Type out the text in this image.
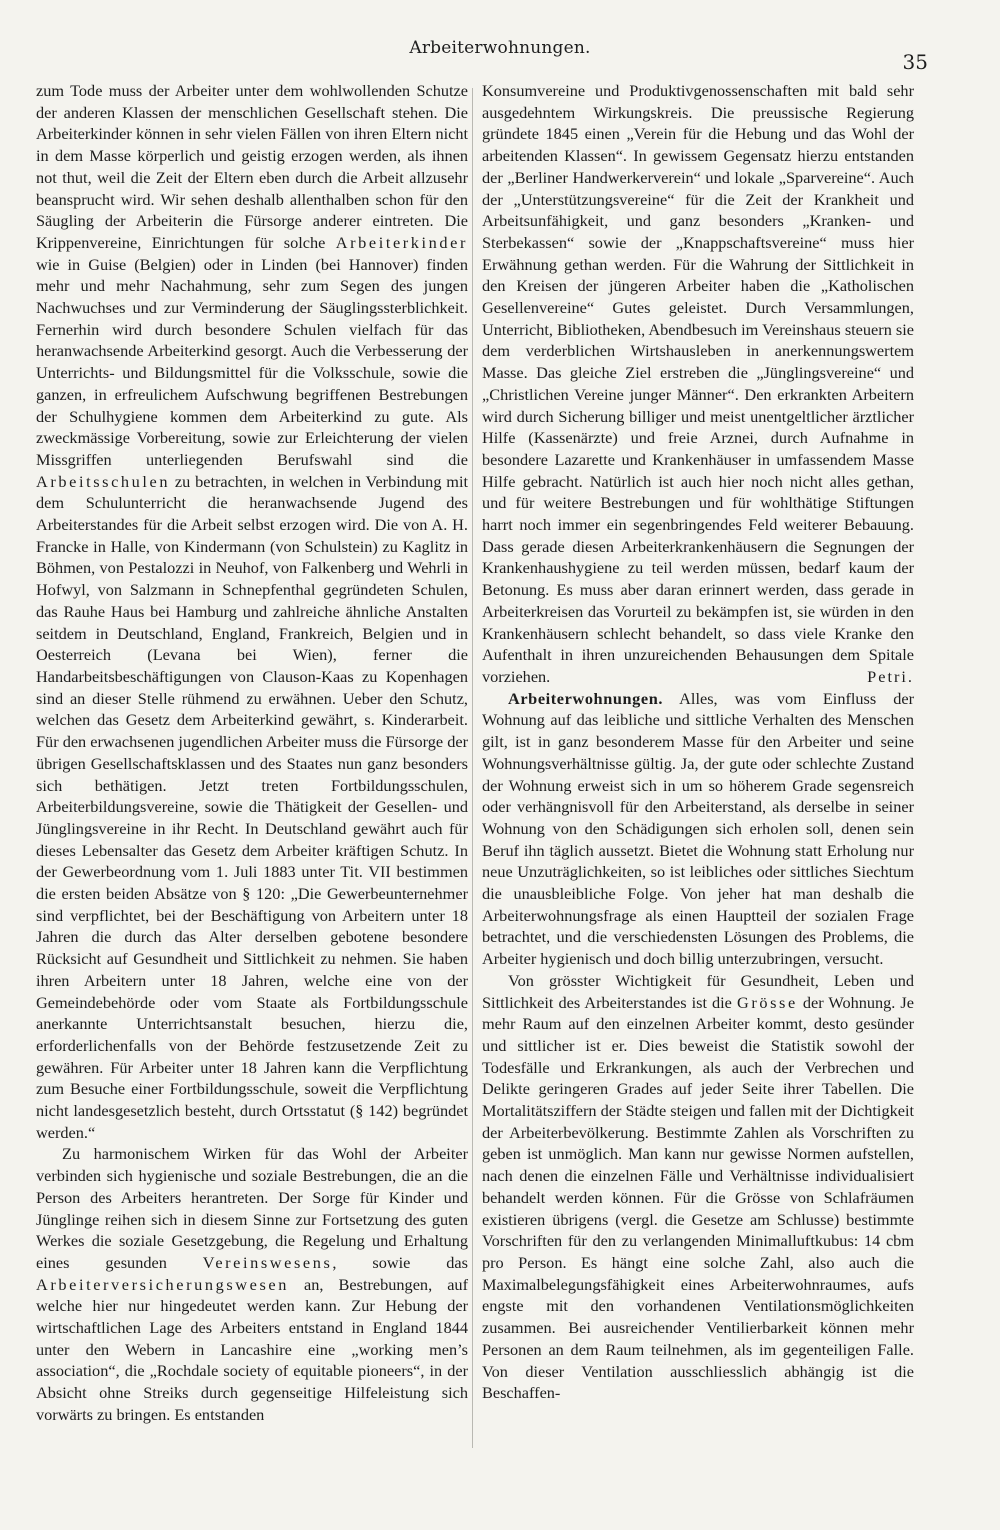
Arbeiterwohnungen.
35

zum Tode muss der Arbeiter unter dem wohlwollenden Schutze der anderen Klassen der menschlichen Gesellschaft stehen. Die Arbeiterkinder können in sehr vielen Fällen von ihren Eltern nicht in dem Masse körperlich und geistig erzogen werden, als ihnen not thut, weil die Zeit der Eltern eben durch die Arbeit allzusehr beansprucht wird. Wir sehen deshalb allenthalben schon für den Säugling der Arbeiterin die Fürsorge anderer eintreten. Die Krippenvereine, Einrichtungen für solche Arbeiterkinder wie in Guise (Belgien) oder in Linden (bei Hannover) finden mehr und mehr Nachahmung, sehr zum Segen des jungen Nachwuchses und zur Verminderung der Säuglingssterblichkeit. Fernerhin wird durch besondere Schulen vielfach für das heranwachsende Arbeiterkind gesorgt. Auch die Verbesserung der Unterrichts- und Bildungsmittel für die Volksschule, sowie die ganzen, in erfreulichem Aufschwung begriffenen Bestrebungen der Schulhygiene kommen dem Arbeiterkind zu gute. Als zweckmässige Vorbereitung, sowie zur Erleichterung der vielen Missgriffen unterliegenden Berufswahl sind die Arbeitsschulen zu betrachten, in welchen in Verbindung mit dem Schulunterricht die heranwachsende Jugend des Arbeiterstandes für die Arbeit selbst erzogen wird. Die von A. H. Francke in Halle, von Kindermann (von Schulstein) zu Kaglitz in Böhmen, von Pestalozzi in Neuhof, von Falkenberg und Wehrli in Hofwyl, von Salzmann in Schnepfenthal gegründeten Schulen, das Rauhe Haus bei Hamburg und zahlreiche ähnliche Anstalten seitdem in Deutschland, England, Frankreich, Belgien und in Oesterreich (Levana bei Wien), ferner die Handarbeitsbeschäftigungen von Clauson-Kaas zu Kopenhagen sind an dieser Stelle rühmend zu erwähnen. Ueber den Schutz, welchen das Gesetz dem Arbeiterkind gewährt, s. Kinderarbeit. Für den erwachsenen jugendlichen Arbeiter muss die Fürsorge der übrigen Gesellschaftsklassen und des Staates nun ganz besonders sich bethätigen. Jetzt treten Fortbildungsschulen, Arbeiterbildungsvereine, sowie die Thätigkeit der Gesellen- und Jünglingsvereine in ihr Recht. In Deutschland gewährt auch für dieses Lebensalter das Gesetz dem Arbeiter kräftigen Schutz. In der Gewerbeordnung vom 1. Juli 1883 unter Tit. VII bestimmen die ersten beiden Absätze von § 120: „Die Gewerbeunternehmer sind verpflichtet, bei der Beschäftigung von Arbeitern unter 18 Jahren die durch das Alter derselben gebotene besondere Rücksicht auf Gesundheit und Sittlichkeit zu nehmen. Sie haben ihren Arbeitern unter 18 Jahren, welche eine von der Gemeindebehörde oder vom Staate als Fortbildungsschule anerkannte Unterrichtsanstalt besuchen, hierzu die, erforderlichenfalls von der Behörde festzusetzende Zeit zu gewähren. Für Arbeiter unter 18 Jahren kann die Verpflichtung zum Besuche einer Fortbildungsschule, soweit die Verpflichtung nicht landesgesetzlich besteht, durch Ortsstatut (§ 142) begründet werden.“

Zu harmonischem Wirken für das Wohl der Arbeiter verbinden sich hygienische und soziale Bestrebungen, die an die Person des Arbeiters herantreten. Der Sorge für Kinder und Jünglinge reihen sich in diesem Sinne zur Fortsetzung des guten Werkes die soziale Gesetzgebung, die Regelung und Erhaltung eines gesunden Vereinswesens, sowie das Arbeiterversicherungswesen an, Bestrebungen, auf welche hier nur hingedeutet werden kann. Zur Hebung der wirtschaftlichen Lage des Arbeiters entstand in England 1844 unter den Webern in Lancashire eine „working men’s association“, die „Rochdale society of equitable pioneers“, in der Absicht ohne Streiks durch gegenseitige Hilfeleistung sich vorwärts zu bringen. Es entstanden

Konsumvereine und Produktivgenossenschaften mit bald sehr ausgedehntem Wirkungskreis. Die preussische Regierung gründete 1845 einen „Verein für die Hebung und das Wohl der arbeitenden Klassen“. In gewissem Gegensatz hierzu entstanden der „Berliner Handwerkerverein“ und lokale „Sparvereine“. Auch der „Unterstützungsvereine“ für die Zeit der Krankheit und Arbeitsunfähigkeit, und ganz besonders „Kranken- und Sterbekassen“ sowie der „Knappschaftsvereine“ muss hier Erwähnung gethan werden. Für die Wahrung der Sittlichkeit in den Kreisen der jüngeren Arbeiter haben die „Katholischen Gesellenvereine“ Gutes geleistet. Durch Versammlungen, Unterricht, Bibliotheken, Abendbesuch im Vereinshaus steuern sie dem verderblichen Wirtshausleben in anerkennungswertem Masse. Das gleiche Ziel erstreben die „Jünglingsvereine“ und „Christlichen Vereine junger Männer“. Den erkrankten Arbeitern wird durch Sicherung billiger und meist unentgeltlicher ärztlicher Hilfe (Kassenärzte) und freie Arznei, durch Aufnahme in besondere Lazarette und Krankenhäuser in umfassendem Masse Hilfe gebracht. Natürlich ist auch hier noch nicht alles gethan, und für weitere Bestrebungen und für wohlthätige Stiftungen harrt noch immer ein segenbringendes Feld weiterer Bebauung. Dass gerade diesen Arbeiterkrankenhäusern die Segnungen der Krankenhaushygiene zu teil werden müssen, bedarf kaum der Betonung. Es muss aber daran erinnert werden, dass gerade in Arbeiterkreisen das Vorurteil zu bekämpfen ist, sie würden in den Krankenhäusern schlecht behandelt, so dass viele Kranke den Aufenthalt in ihren unzureichenden Behausungen dem Spitale vorziehen.	Petri.

Arbeiterwohnungen. Alles, was vom Einfluss der Wohnung auf das leibliche und sittliche Verhalten des Menschen gilt, ist in ganz besonderem Masse für den Arbeiter und seine Wohnungsverhältnisse gültig. Ja, der gute oder schlechte Zustand der Wohnung erweist sich in um so höherem Grade segensreich oder verhängnisvoll für den Arbeiterstand, als derselbe in seiner Wohnung von den Schädigungen sich erholen soll, denen sein Beruf ihn täglich aussetzt. Bietet die Wohnung statt Erholung nur neue Unzuträglichkeiten, so ist leibliches oder sittliches Siechtum die unausbleibliche Folge. Von jeher hat man deshalb die Arbeiterwohnungsfrage als einen Hauptteil der sozialen Frage betrachtet, und die verschiedensten Lösungen des Problems, die Arbeiter hygienisch und doch billig unterzubringen, versucht.

Von grösster Wichtigkeit für Gesundheit, Leben und Sittlichkeit des Arbeiterstandes ist die Grösse der Wohnung. Je mehr Raum auf den einzelnen Arbeiter kommt, desto gesünder und sittlicher ist er. Dies beweist die Statistik sowohl der Todesfälle und Erkrankungen, als auch der Verbrechen und Delikte geringeren Grades auf jeder Seite ihrer Tabellen. Die Mortalitätsziffern der Städte steigen und fallen mit der Dichtigkeit der Arbeiterbevölkerung. Bestimmte Zahlen als Vorschriften zu geben ist unmöglich. Man kann nur gewisse Normen aufstellen, nach denen die einzelnen Fälle und Verhältnisse individualisiert behandelt werden können. Für die Grösse von Schlafräumen existieren übrigens (vergl. die Gesetze am Schlusse) bestimmte Vorschriften für den zu verlangenden Minimalluftkubus: 14 cbm pro Person. Es hängt eine solche Zahl, also auch die Maximalbelegungsfähigkeit eines Arbeiterwohnraumes, aufs engste mit den vorhandenen Ventilationsmöglichkeiten zusammen. Bei ausreichender Ventilierbarkeit können mehr Personen an dem Raum teilnehmen, als im gegenteiligen Falle. Von dieser Ventilation ausschliesslich abhängig ist die Beschaffen-
